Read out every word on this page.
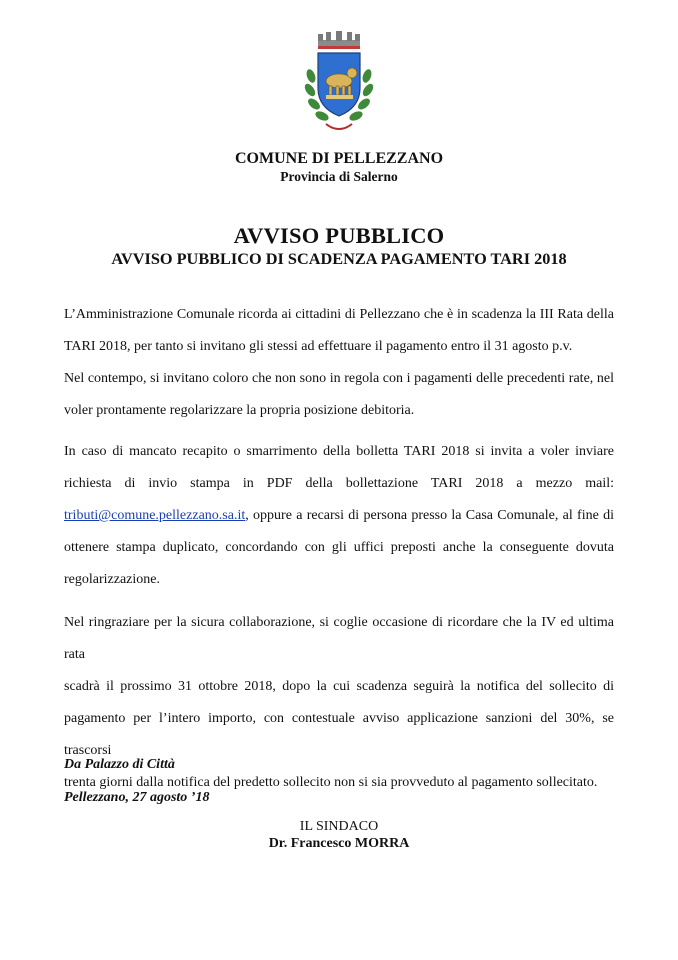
COMUNE DI PELLEZZANO
Provincia di Salerno
AVVISO PUBBLICO
AVVISO PUBBLICO DI SCADENZA PAGAMENTO TARI 2018
L’Amministrazione Comunale ricorda ai cittadini di Pellezzano che è in scadenza la III Rata della
TARI 2018, per tanto si invitano gli stessi ad effettuare il pagamento entro il 31 agosto p.v.
Nel contempo, si invitano coloro che non sono in regola con i pagamenti delle precedenti rate, nel
voler prontamente regolarizzare la propria posizione debitoria.
In caso di mancato recapito o smarrimento della bolletta TARI 2018 si invita a voler inviare
richiesta di invio stampa in PDF della bollettazione TARI 2018 a mezzo mail:
tributi@comune.pellezzano.sa.it, oppure a recarsi di persona presso la Casa Comunale, al fine di
ottenere stampa duplicato, concordando con gli uffici preposti anche la conseguente dovuta
regolarizzazione.
Nel ringraziare per la sicura collaborazione, si coglie occasione di ricordare che la IV ed ultima rata
scadrà il prossimo 31 ottobre 2018, dopo la cui scadenza seguirà la notifica del sollecito di
pagamento per l’intero importo, con contestuale avviso applicazione sanzioni del 30%, se trascorsi
trenta giorni dalla notifica del predetto sollecito non si sia provveduto al pagamento sollecitato.
Da Palazzo di Città
Pellezzano, 27 agosto ’18
IL SINDACO
Dr. Francesco MORRA
